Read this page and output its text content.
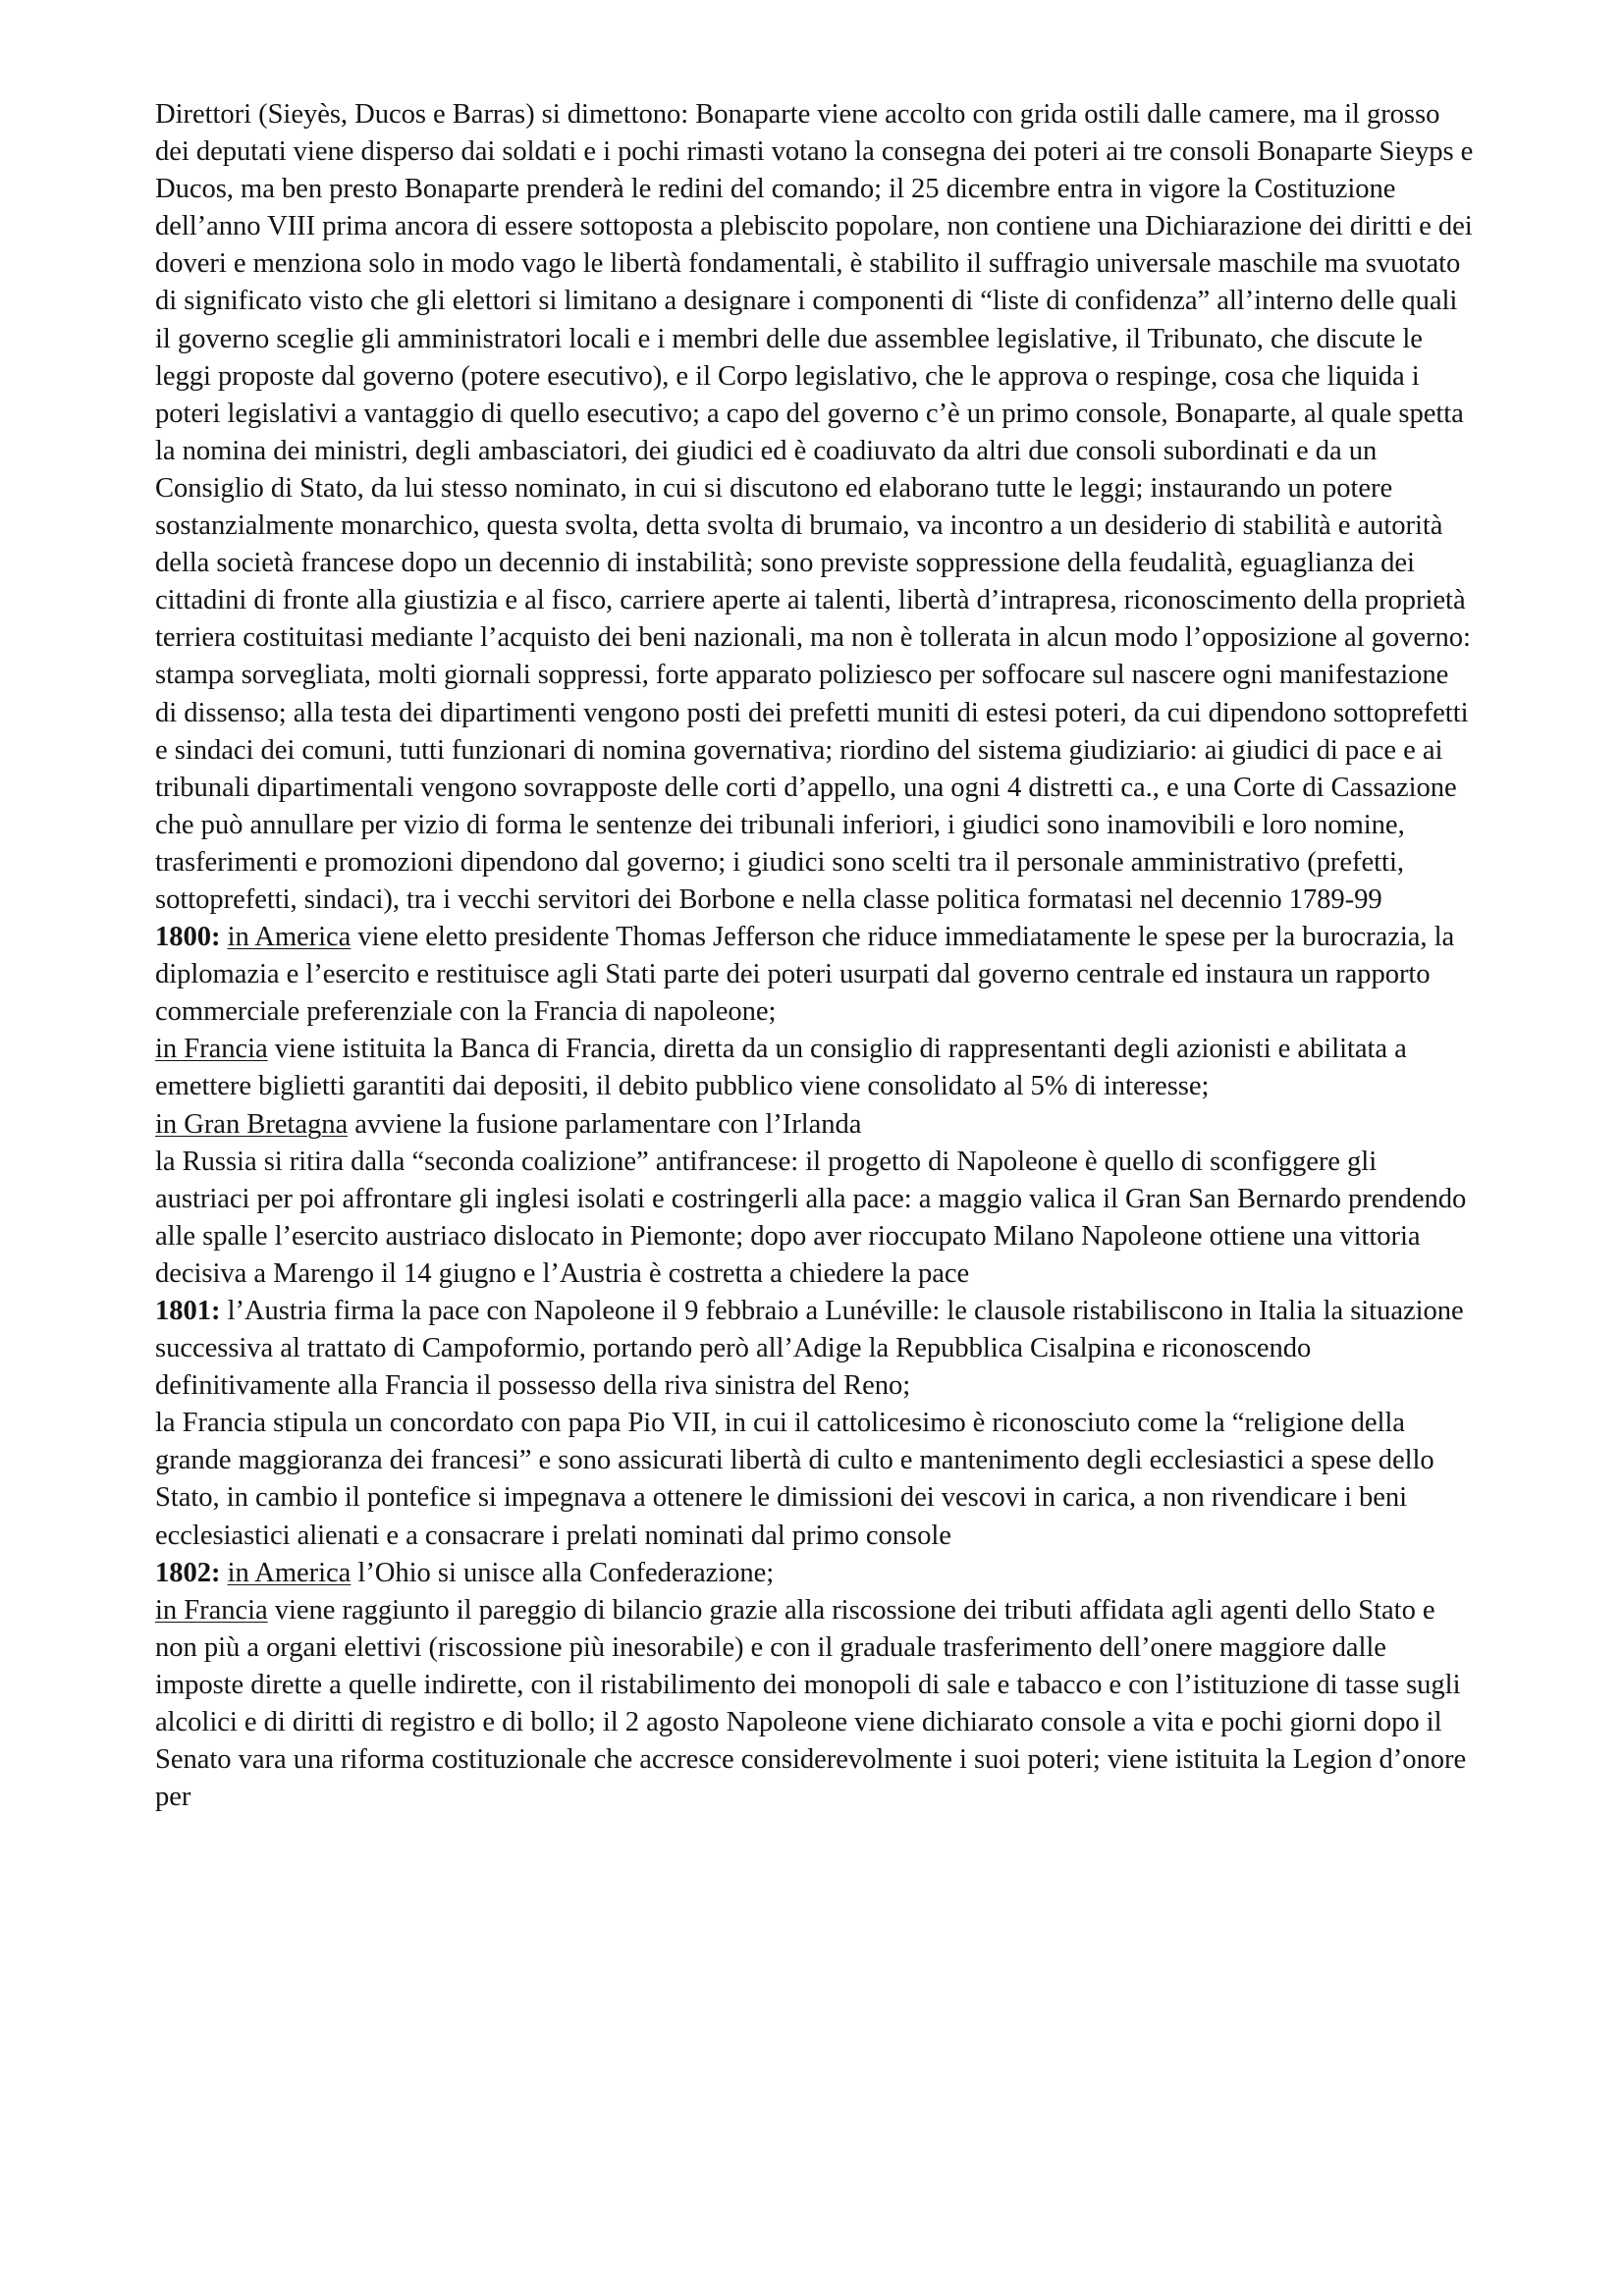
Direttori (Sieyès, Ducos e Barras) si dimettono: Bonaparte viene accolto con grida ostili dalle camere, ma il grosso dei deputati viene disperso dai soldati e i pochi rimasti votano la consegna dei poteri ai tre consoli Bonaparte Sieyps e Ducos, ma ben presto Bonaparte prenderà le redini del comando; il 25 dicembre entra in vigore la Costituzione dell’anno VIII prima ancora di essere sottoposta a plebiscito popolare, non contiene una Dichiarazione dei diritti e dei doveri e menziona solo in modo vago le libertà fondamentali, è stabilito il suffragio universale maschile ma svuotato di significato visto che gli elettori si limitano a designare i componenti di “liste di confidenza” all’interno delle quali il governo sceglie gli amministratori locali e i membri delle due assemblee legislative, il Tribunato, che discute le leggi proposte dal governo (potere esecutivo), e il Corpo legislativo, che le approva o respinge, cosa che liquida i poteri legislativi a vantaggio di quello esecutivo; a capo del governo c’è un primo console, Bonaparte, al quale spetta la nomina dei ministri, degli ambasciatori, dei giudici ed è coadiuvato da altri due consoli subordinati e da un Consiglio di Stato, da lui stesso nominato, in cui si discutono ed elaborano tutte le leggi; instaurando un potere sostanzialmente monarchico, questa svolta, detta svolta di brumaio, va incontro a un desiderio di stabilità e autorità della società francese dopo un decennio di instabilità; sono previste soppressione della feudalità, eguaglianza dei cittadini di fronte alla giustizia e al fisco, carriere aperte ai talenti, libertà d’intrapresa, riconoscimento della proprietà terriera costituitasi mediante l’acquisto dei beni nazionali, ma non è tollerata in alcun modo l’opposizione al governo: stampa sorvegliata, molti giornali soppressi, forte apparato poliziesco per soffocare sul nascere ogni manifestazione di dissenso; alla testa dei dipartimenti vengono posti dei prefetti muniti di estesi poteri, da cui dipendono sottoprefetti e sindaci dei comuni, tutti funzionari di nomina governativa; riordino del sistema giudiziario: ai giudici di pace e ai tribunali dipartimentali vengono sovrapposte delle corti d’appello, una ogni 4 distretti ca., e una Corte di Cassazione che può annullare per vizio di forma le sentenze dei tribunali inferiori, i giudici sono inamovibili e loro nomine, trasferimenti e promozioni dipendono dal governo; i giudici sono scelti tra il personale amministrativo (prefetti, sottoprefetti, sindaci), tra i vecchi servitori dei Borbone e nella classe politica formatasi nel decennio 1789-99

1800: in America viene eletto presidente Thomas Jefferson che riduce immediatamente le spese per la burocrazia, la diplomazia e l’esercito e restituisce agli Stati parte dei poteri usurpati dal governo centrale ed instaura un rapporto commerciale preferenziale con la Francia di napoleone;

in Francia viene istituita la Banca di Francia, diretta da un consiglio di rappresentanti degli azionisti e abilitata a emettere biglietti garantiti dai depositi, il debito pubblico viene consolidato al 5% di interesse;

in Gran Bretagna avviene la fusione parlamentare con l’Irlanda

la Russia si ritira dalla “seconda coalizione” antifrancese: il progetto di Napoleone è quello di sconfiggere gli austriaci per poi affrontare gli inglesi isolati e costringerli alla pace: a maggio valica il Gran San Bernardo prendendo alle spalle l’esercito austriaco dislocato in Piemonte; dopo aver rioccupato Milano Napoleone ottiene una vittoria decisiva a Marengo il 14 giugno e l’Austria è costretta a chiedere la pace

1801: l’Austria firma la pace con Napoleone il 9 febbraio a Lunéville: le clausole ristabiliscono in Italia la situazione successiva al trattato di Campoformio, portando però all’Adige la Repubblica Cisalpina e riconoscendo definitivamente alla Francia il possesso della riva sinistra del Reno;

la Francia stipula un concordato con papa Pio VII, in cui il cattolicesimo è riconosciuto come la “religione della grande maggioranza dei francesi” e sono assicurati libertà di culto e mantenimento degli ecclesiastici a spese dello Stato, in cambio il pontefice si impegnava a ottenere le dimissioni dei vescovi in carica, a non rivendicare i beni ecclesiastici alienati e a consacrare i prelati nominati dal primo console

1802: in America l’Ohio si unisce alla Confederazione;

in Francia viene raggiunto il pareggio di bilancio grazie alla riscossione dei tributi affidata agli agenti dello Stato e non più a organi elettivi (riscossione più inesorabile) e con il graduale trasferimento dell’onere maggiore dalle imposte dirette a quelle indirette, con il ristabilimento dei monopoli di sale e tabacco e con l’istituzione di tasse sugli alcolici e di diritti di registro e di bollo; il 2 agosto Napoleone viene dichiarato console a vita e pochi giorni dopo il Senato vara una riforma costituzionale che accresce considerevolmente i suoi poteri; viene istituita la Legion d’onore per
